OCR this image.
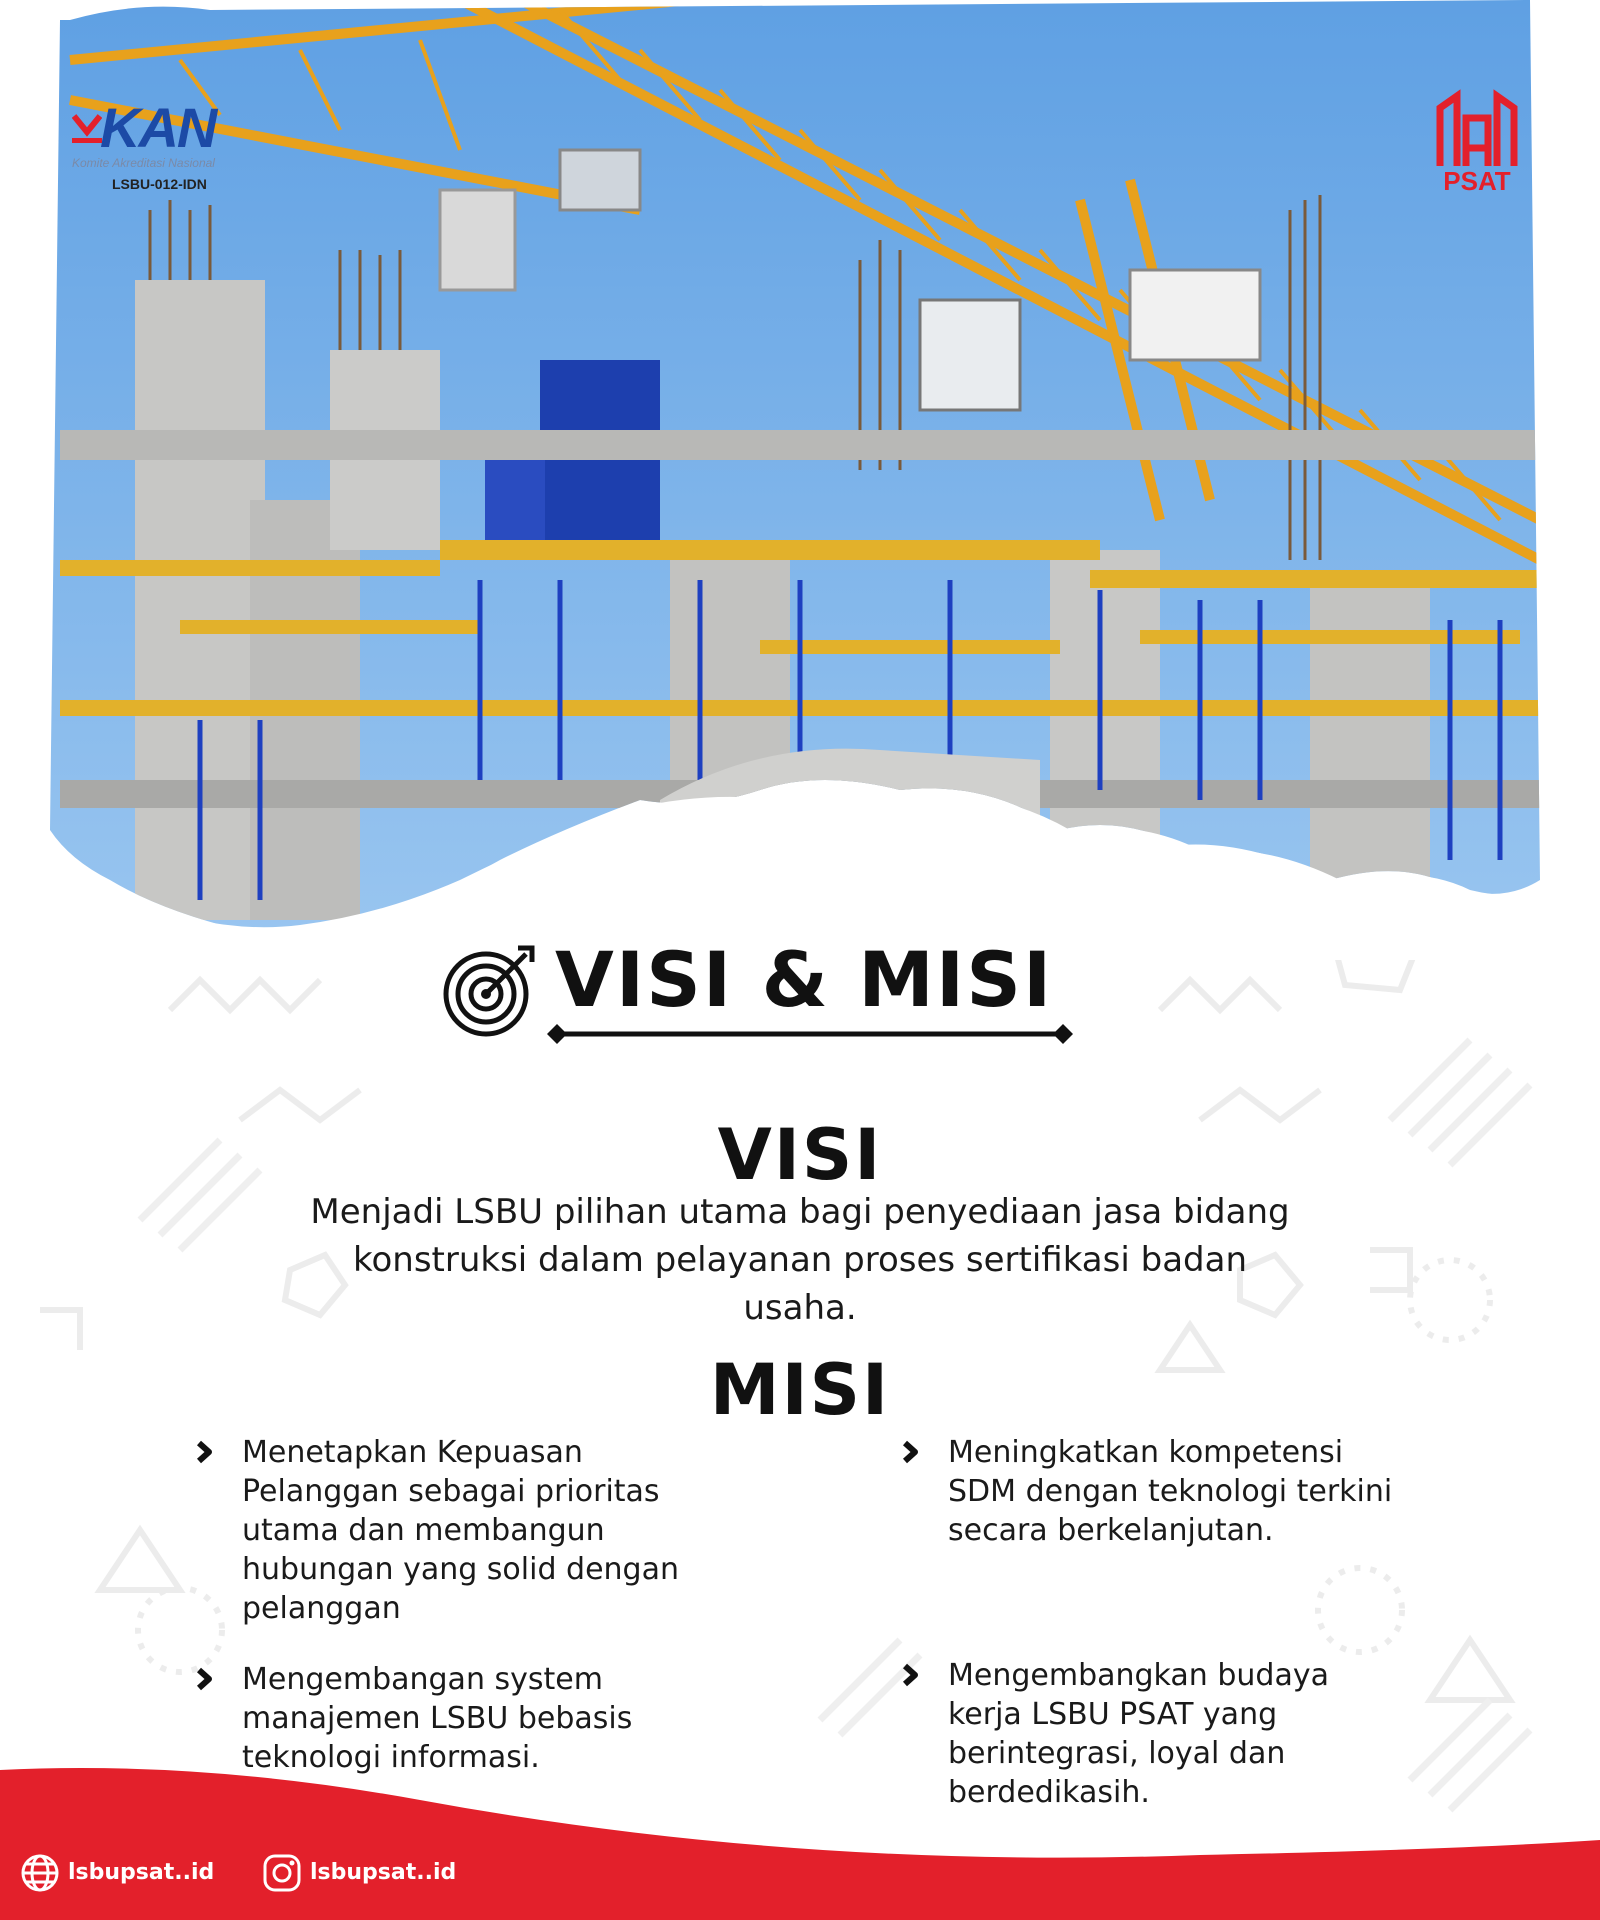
KAN
Komite Akreditasi Nasional
LSBU-012-IDN	PSAT
VISI & MISI
VISI
Menjadi LSBU pilihan utama bagi penyediaan jasa bidang konstruksi dalam pelayanan proses sertifikasi badan usaha.
MISI
Menetapkan Kepuasan Pelanggan sebagai prioritas utama dan membangun hubungan yang solid dengan pelanggan
Meningkatkan kompetensi SDM dengan teknologi terkini secara berkelanjutan.
Mengembangan system manajemen LSBU bebasis teknologi informasi.
Mengembangkan budaya kerja LSBU PSAT yang berintegrasi, loyal dan berdedikasih.
lsbupsat..id	lsbupsat..id
